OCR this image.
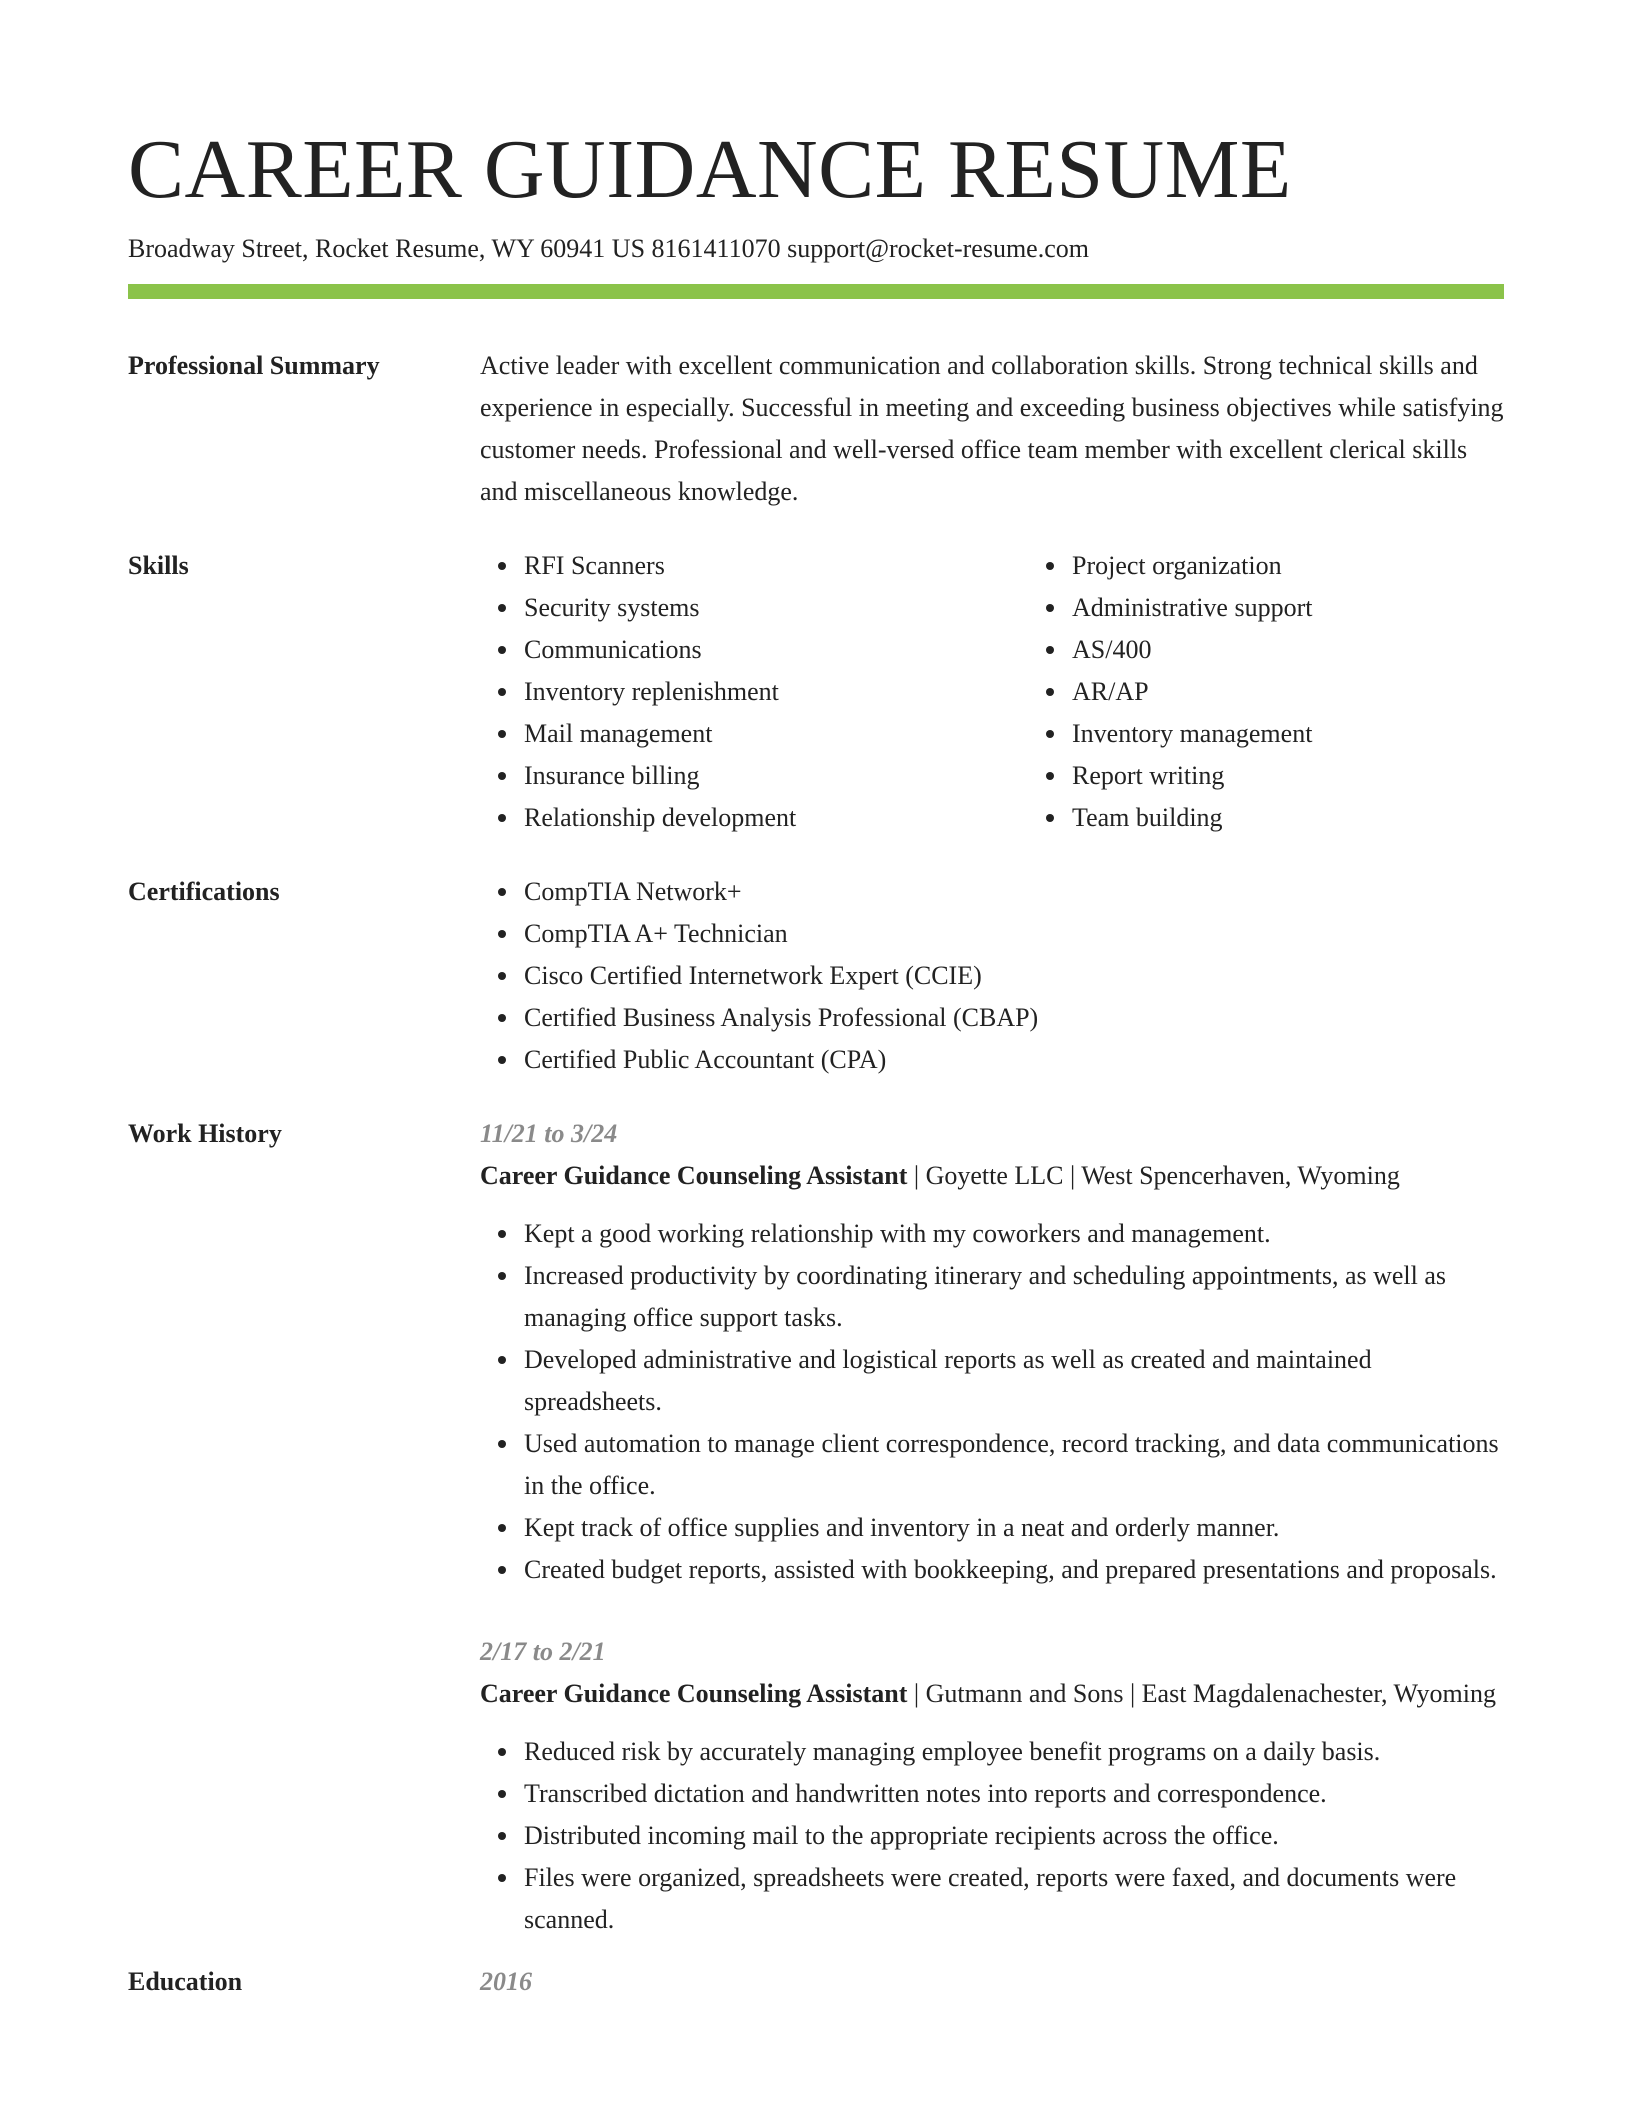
CAREER GUIDANCE RESUME
Broadway Street, Rocket Resume, WY 60941 US 8161411070 support@rocket-resume.com
Professional Summary	Active leader with excellent communication and collaboration skills. Strong technical skills and experience in especially. Successful in meeting and exceeding business objectives while satisfying customer needs. Professional and well-versed office team member with excellent clerical skills and miscellaneous knowledge.
Skills	RFI Scanners
Security systems
Communications
Inventory replenishment
Mail management
Insurance billing
Relationship development
Project organization
Administrative support
AS/400
AR/AP
Inventory management
Report writing
Team building
Certifications	CompTIA Network+
CompTIA A+ Technician
Cisco Certified Internetwork Expert (CCIE)
Certified Business Analysis Professional (CBAP)
Certified Public Accountant (CPA)
Work History	11/21 to 3/24
Career Guidance Counseling Assistant | Goyette LLC | West Spencerhaven, Wyoming
Kept a good working relationship with my coworkers and management.
Increased productivity by coordinating itinerary and scheduling appointments, as well as managing office support tasks.
Developed administrative and logistical reports as well as created and maintained spreadsheets.
Used automation to manage client correspondence, record tracking, and data communications in the office.
Kept track of office supplies and inventory in a neat and orderly manner.
Created budget reports, assisted with bookkeeping, and prepared presentations and proposals.
2/17 to 2/21
Career Guidance Counseling Assistant | Gutmann and Sons | East Magdalenachester, Wyoming
Reduced risk by accurately managing employee benefit programs on a daily basis.
Transcribed dictation and handwritten notes into reports and correspondence.
Distributed incoming mail to the appropriate recipients across the office.
Files were organized, spreadsheets were created, reports were faxed, and documents were scanned.
Education	2016
